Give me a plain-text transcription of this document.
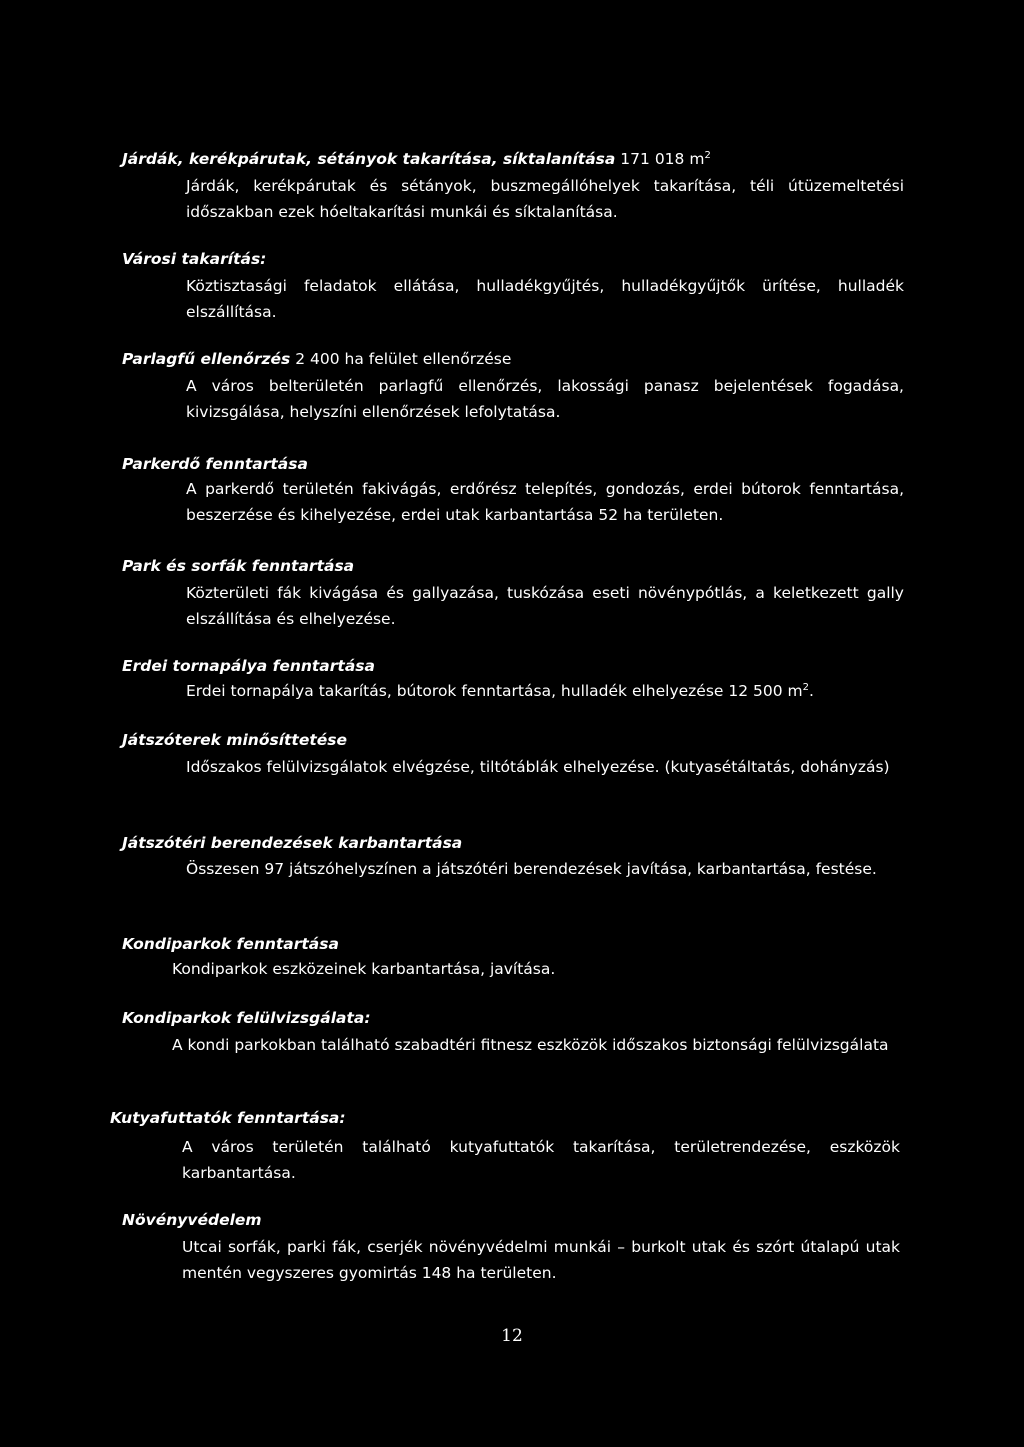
Járdák, kerékpárutak, sétányok takarítása, síktalanítása 171 018 $m^2$
Járdák, kerékpárutak és sétányok, buszmegállóhelyek takarítása, téli útüzemeltetési időszakban ezek hóeltakarítási munkái és síktalanítása.
Városi takarítás:
Köztisztasági feladatok ellátása, hulladékgyűjtés, hulladékgyűjtők ürítése, hulladék elszállítása.
Parlagfű ellenőrzés 2 400 ha felület ellenőrzése
A város belterületén parlagfű ellenőrzés, lakossági panasz bejelentések fogadása, kivizsgálása, helyszíni ellenőrzések lefolytatása.
Parkerdő fenntartása
A parkerdő területén fakivágás, erdőrész telepítés, gondozás, erdei bútorok fenntartása, beszerzése és kihelyezése, erdei utak karbantartása 52 ha területen.
Park és sorfák fenntartása
Közterületi fák kivágása és gallyazása, tuskózása eseti növénypótlás, a keletkezett gally elszállítása és elhelyezése.
Erdei tornapálya fenntartása
Erdei tornapálya takarítás, bútorok fenntartása, hulladék elhelyezése 12 500 $m^2$.
Játszóterek minősíttetése
Időszakos felülvizsgálatok elvégzése, tiltótáblák elhelyezése. (kutyasétáltatás, dohányzás)
Játszótéri berendezések karbantartása
Összesen 97 játszóhelyszínen a játszótéri berendezések javítása, karbantartása, festése.
Kondiparkok fenntartása
Kondiparkok eszközeinek karbantartása, javítása.
Kondiparkok felülvizsgálata:
A kondi parkokban található szabadtéri fitnesz eszközök időszakos biztonsági felülvizsgálata
Kutyafuttatók fenntartása:
A város területén található kutyafuttatók takarítása, területrendezése, eszközök karbantartása.
Növényvédelem
Utcai sorfák, parki fák, cserjék növényvédelmi munkái – burkolt utak és szórt útalapú utak mentén vegyszeres gyomirtás 148 ha területen.
12
